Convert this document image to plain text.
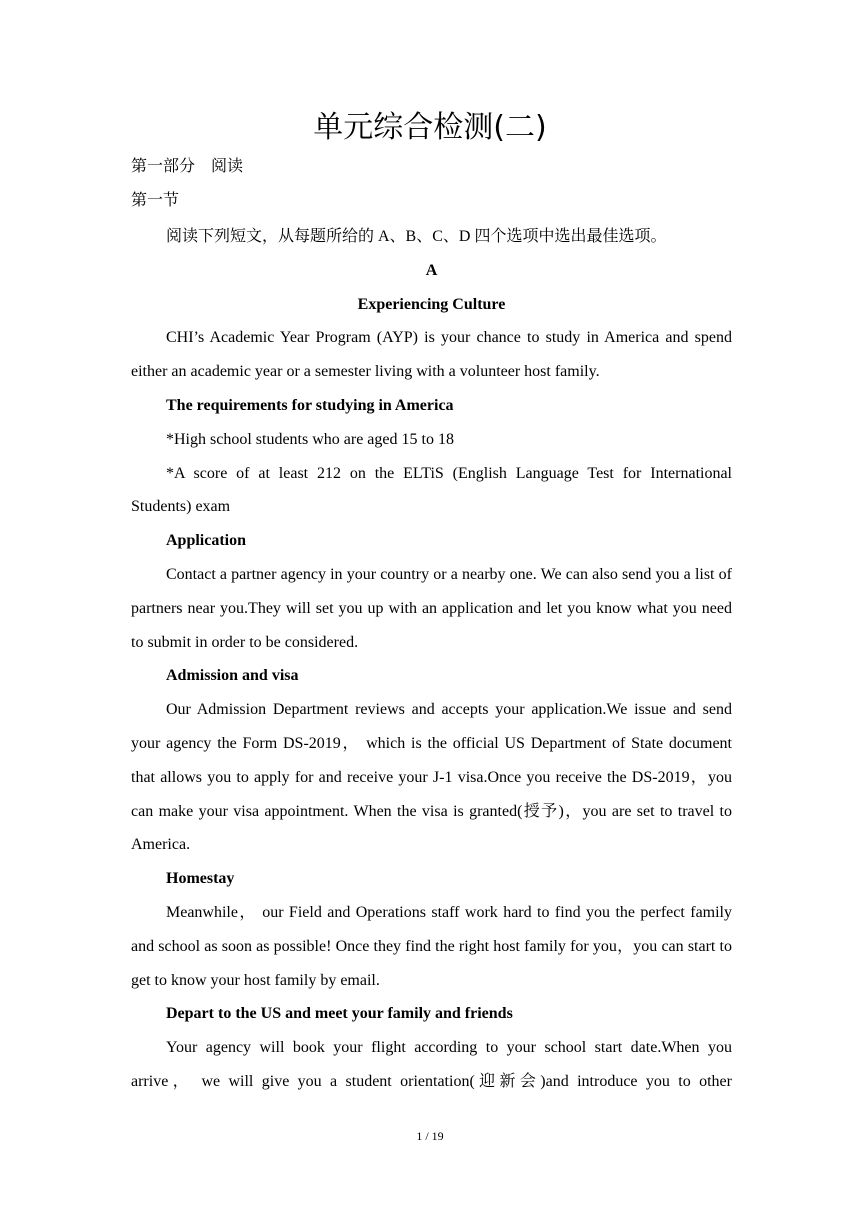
单元综合检测(二)

第一部分　阅读

第一节

阅读下列短文，从每题所给的 A、B、C、D 四个选项中选出最佳选项。

A

Experiencing Culture

CHI’s Academic Year Program (AYP) is your chance to study in America and spend either an academic year or a semester living with a volunteer host family.

The requirements for studying in America

*High school students who are aged 15 to 18

*A score of at least 212 on the ELTiS (English Language Test for International Students) exam

Application

Contact a partner agency in your country or a nearby one. We can also send you a list of partners near you.They will set you up with an application and let you know what you need to submit in order to be considered.

Admission and visa

Our Admission Department reviews and accepts your application.We issue and send your agency the Form DS-2019， which is the official US Department of State document that allows you to apply for and receive your J-1 visa.Once you receive the DS-2019，you can make your visa appointment. When the visa is granted(授予)，you are set to travel to America.

Homestay

Meanwhile， our Field and Operations staff work hard to find you the perfect family and school as soon as possible! Once they find the right host family for you，you can start to get to know your host family by email.

Depart to the US and meet your family and friends

Your agency will book your flight according to your school start date.When you arrive， we will give you a student orientation(迎新会)and introduce you to other

1 / 19
